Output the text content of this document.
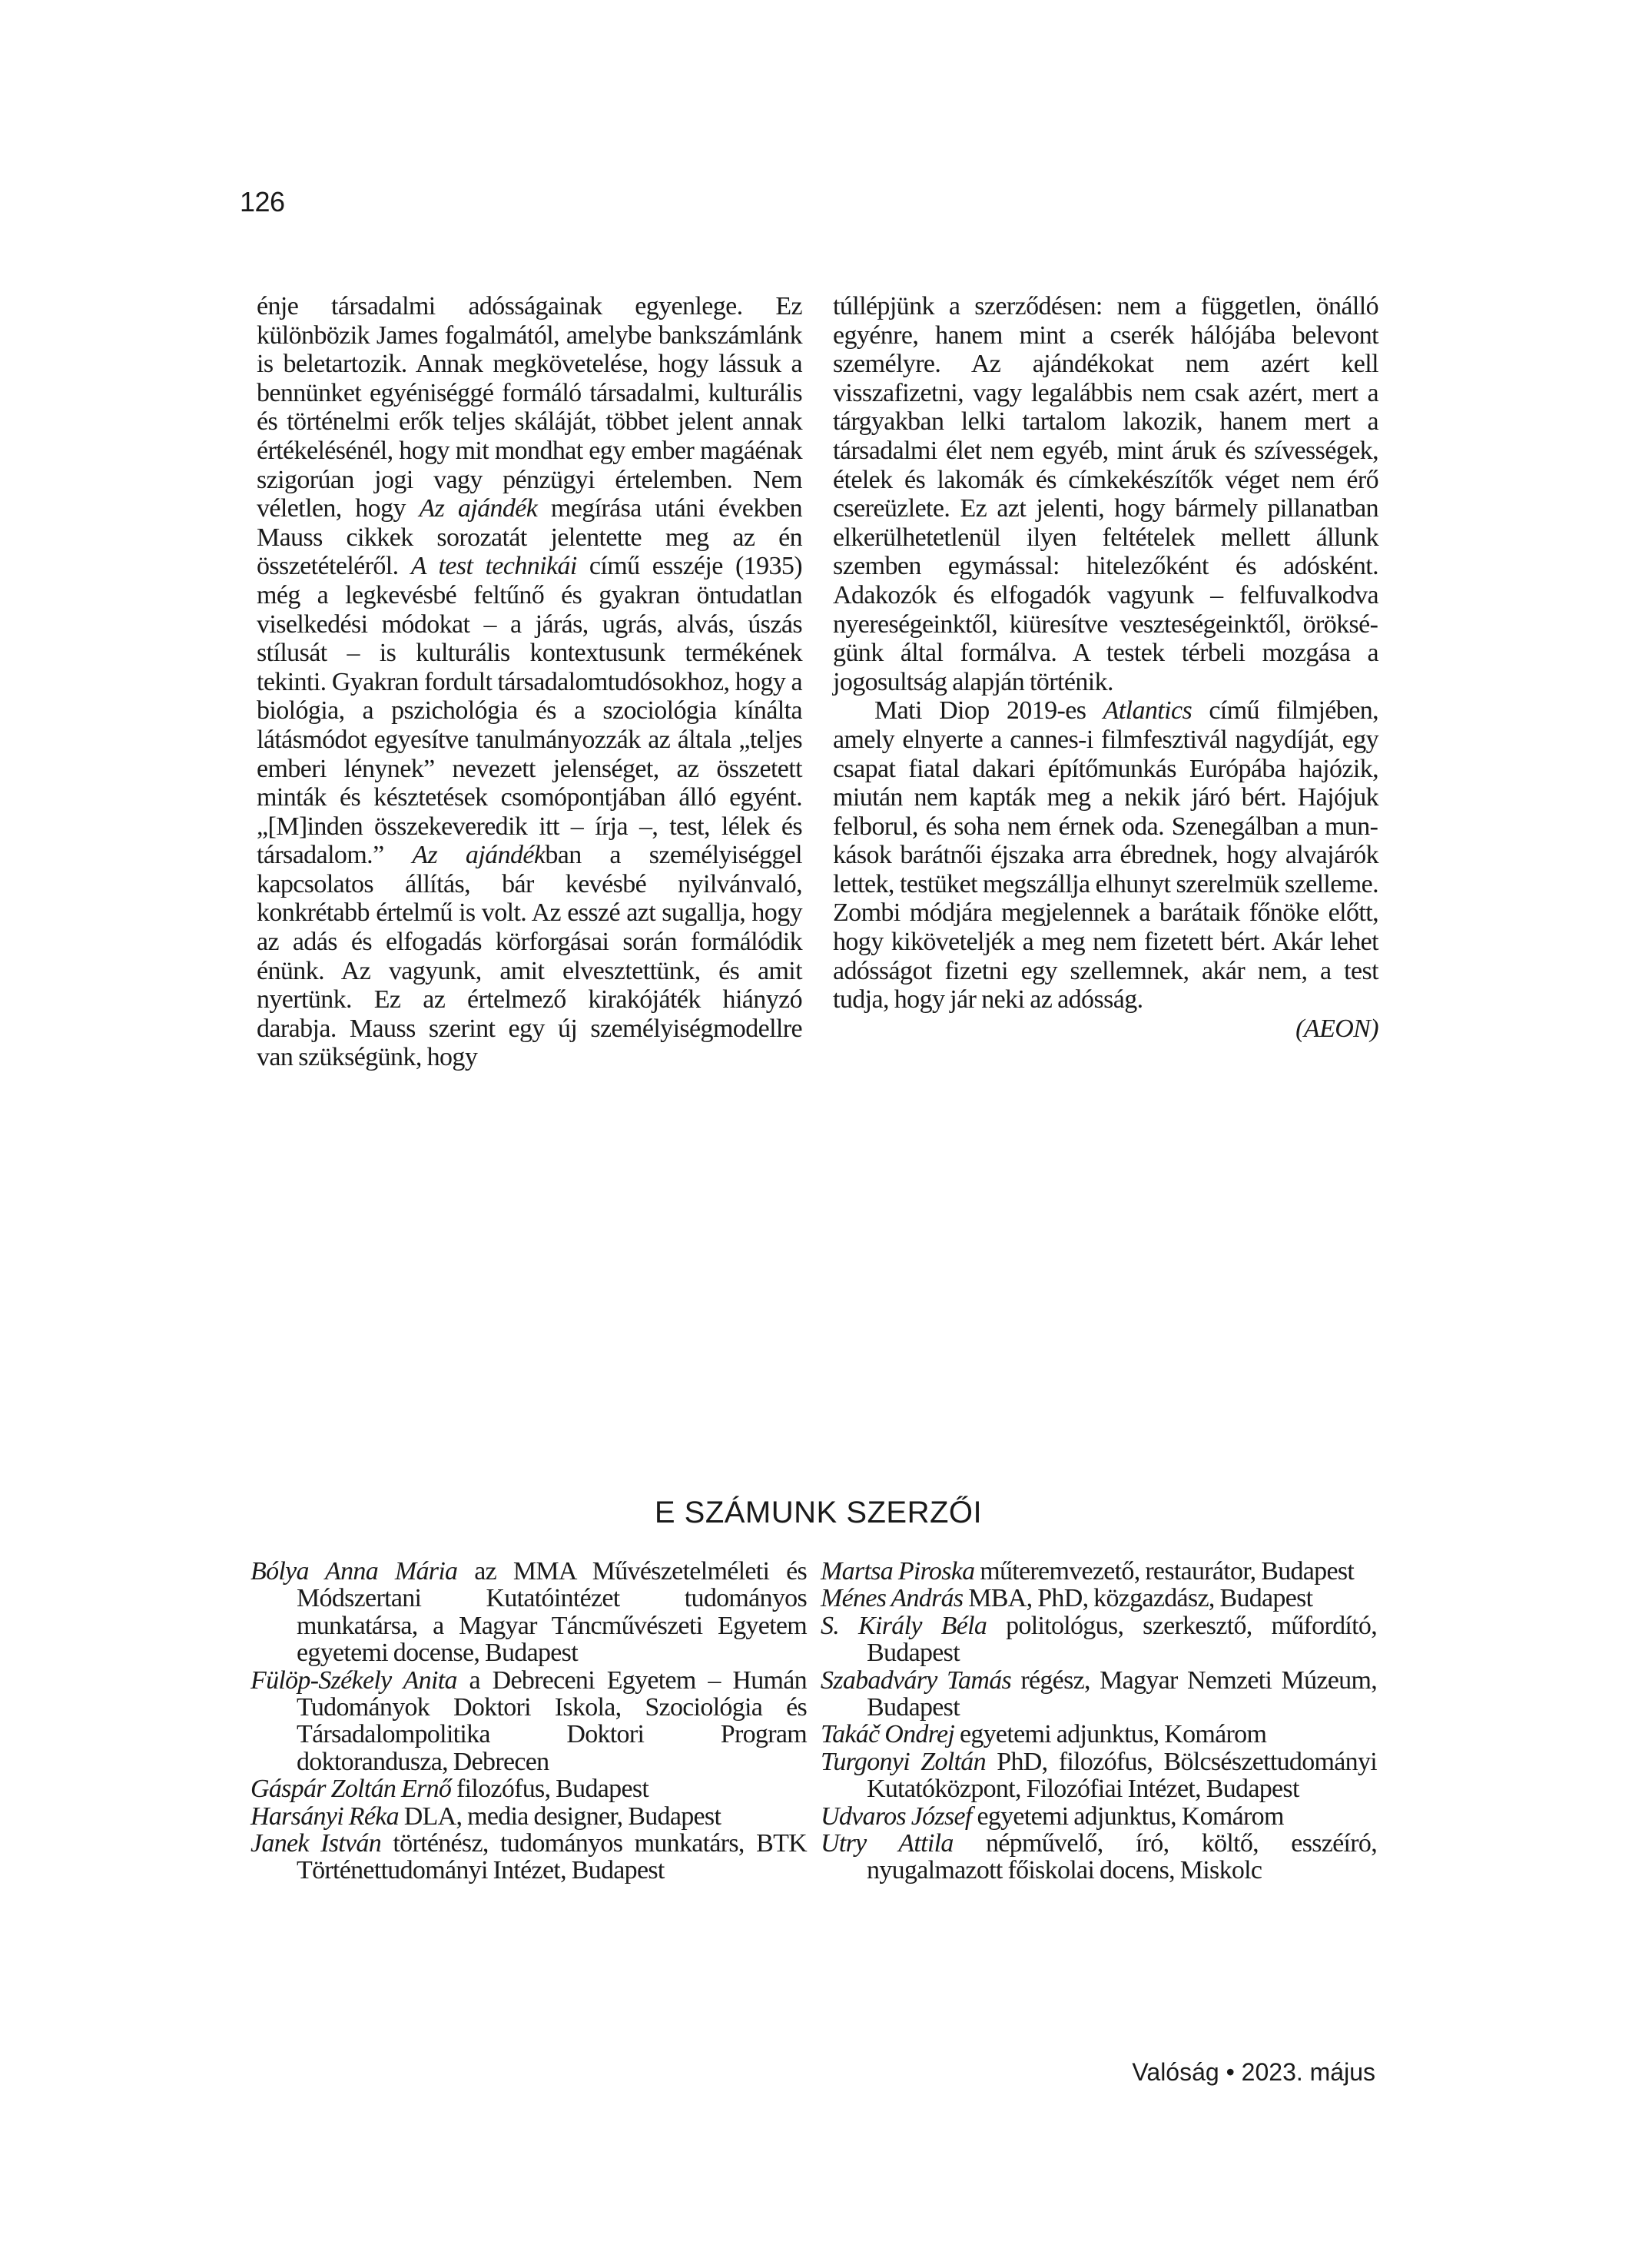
126

énje társadalmi adósságainak egyenlege. Ez különbözik James fogalmától, amelybe bankszámlánk is beletartozik. Annak megkövetelése, hogy lássuk a bennünket egyéniséggé formáló társadalmi, kulturális és történelmi erők teljes skáláját, többet jelent annak értékelésénél, hogy mit mondhat egy ember magáénak szigorúan jogi vagy pénzügyi értelemben. Nem véletlen, hogy Az ajándék megírása utáni években Mauss cikkek sorozatát jelentette meg az én összetételéről. A test technikái című esszéje (1935) még a legkevésbé feltűnő és gyakran öntudatlan viselkedési módokat – a járás, ugrás, alvás, úszás stílusát – is kulturális kontextusunk termékének tekinti. Gyakran fordult társadalomtudósokhoz, hogy a biológia, a pszichológia és a szociológia kínálta látásmódot egyesítve tanulmányozzák az általa „teljes emberi lénynek” nevezett jelenséget, az összetett minták és késztetések csomópontjában álló egyént. „[M]inden összekeveredik itt – írja –, test, lélek és társadalom.” Az ajándékban a személyiséggel kapcsolatos állítás, bár kevésbé nyilvánvaló, konkrétabb értelmű is volt. Az esszé azt sugallja, hogy az adás és elfogadás körforgásai során formálódik énünk. Az vagyunk, amit elvesztettünk, és amit nyertünk. Ez az értelmező kirakójáték hiányzó darabja. Mauss szerint egy új személyiségmodellre van szükségünk, hogy

túllépjünk a szerződésen: nem a független, önálló egyénre, hanem mint a cserék hálójába belevont személyre. Az ajándékokat nem azért kell visszafizetni, vagy legalábbis nem csak azért, mert a tárgyakban lelki tartalom lakozik, hanem mert a társadalmi élet nem egyéb, mint áruk és szívességek, ételek és lakomák és címkekészítők véget nem érő csereüzlete. Ez azt jelenti, hogy bármely pillanatban elkerülhetetlenül ilyen feltételek mellett állunk szemben egymással: hitelezőként és adósként. Adakozók és elfogadók vagyunk – felfuvalkodva nyereségeinktől, kiüresítve veszteségeinktől, örökségünk által formálva. A testek térbeli mozgása a jogosultság alapján történik.

Mati Diop 2019-es Atlantics című filmjében, amely elnyerte a cannes-i filmfesztivál nagydíját, egy csapat fiatal dakari építőmunkás Európába hajózik, miután nem kapták meg a nekik járó bért. Hajójuk felborul, és soha nem érnek oda. Szenegálban a munkások barátnői éjszaka arra ébrednek, hogy alvajárók lettek, testüket megszállja elhunyt szerelmük szelleme. Zombi módjára megjelennek a barátaik főnöke előtt, hogy kiköveteljék a meg nem fizetett bért. Akár lehet adósságot fizetni egy szellemnek, akár nem, a test tudja, hogy jár neki az adósság.

(AEON)

E SZÁMUNK SZERZŐI
Bólya Anna Mária az MMA Művészetelméleti és Módszertani Kutatóintézet tudományos munkatársa, a Magyar Táncművészeti Egyetem egyetemi docense, Budapest
Fülöp-Székely Anita a Debreceni Egyetem – Humán Tudományok Doktori Iskola, Szociológia és Társadalompolitika Doktori Program doktorandusza, Debrecen
Gáspár Zoltán Ernő filozófus, Budapest
Harsányi Réka DLA, media designer, Budapest
Janek István történész, tudományos munkatárs, BTK Történettudományi Intézet, Budapest
Martsa Piroska műteremvezető, restaurátor, Budapest
Ménes András MBA, PhD, közgazdász, Budapest
S. Király Béla politológus, szerkesztő, műfordító, Budapest
Szabadváry Tamás régész, Magyar Nemzeti Múzeum, Budapest
Takáč Ondrej egyetemi adjunktus, Komárom
Turgonyi Zoltán PhD, filozófus, Bölcsészettudományi Kutatóközpont, Filozófiai Intézet, Budapest
Udvaros József egyetemi adjunktus, Komárom
Utry Attila népművelő, író, költő, esszéíró, nyugalmazott főiskolai docens, Miskolc
Valóság • 2023. május
